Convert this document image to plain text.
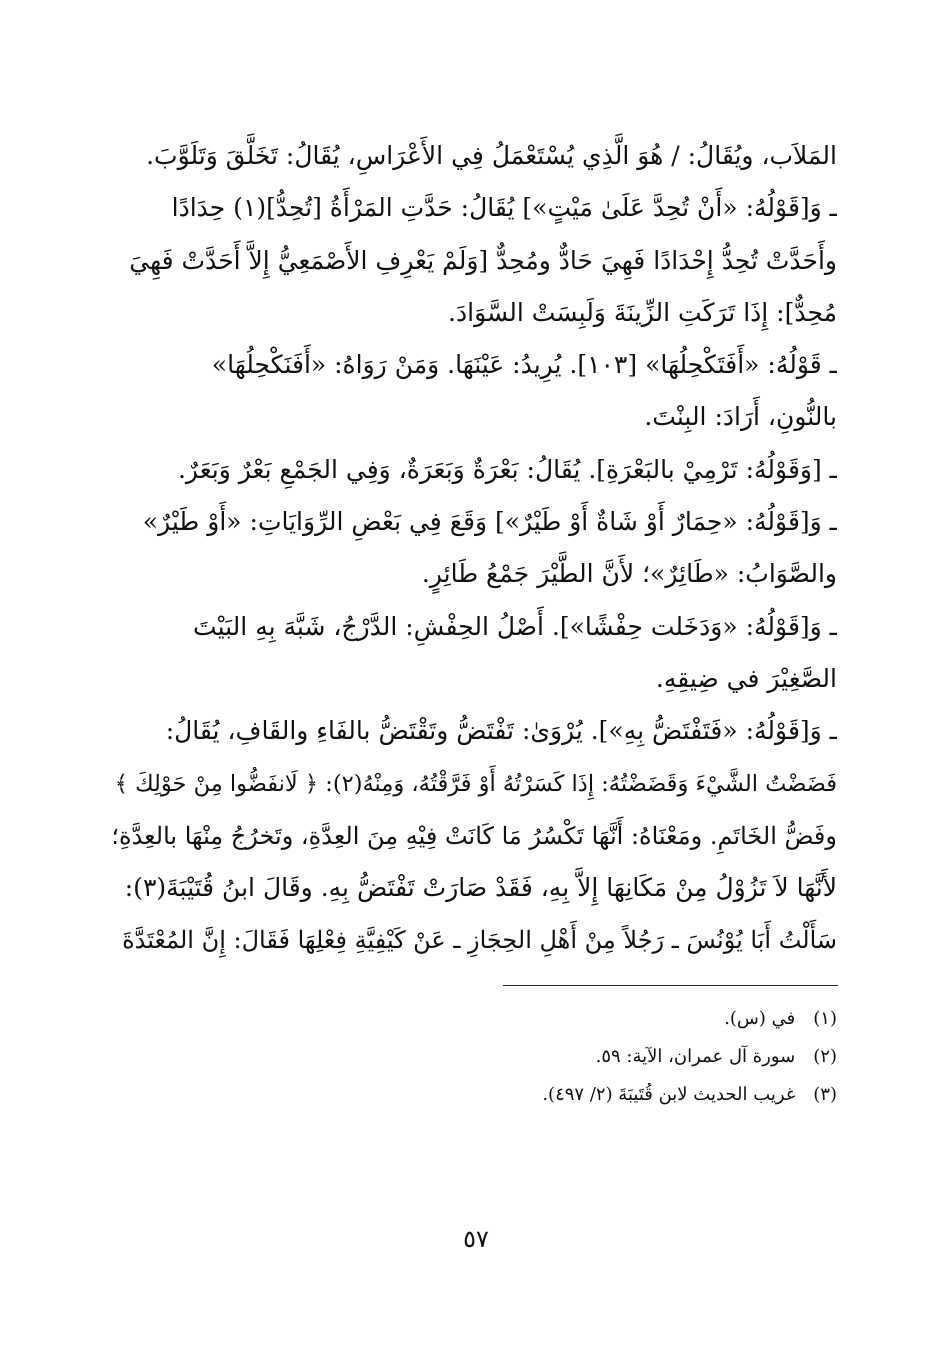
المَلاَب، ويُقَالُ: / هُوَ الَّذِي يُسْتَعْمَلُ فِي الأَعْرَاسِ، يُقَالُ: تَخَلَّقَ وَتَلَوَّبَ.
ـ وَ[قَوْلُهُ: «أَنْ تُحِدَّ عَلَىٰ مَيْتٍ»] يُقَالُ: حَدَّتِ المَرْأَةُ [تُحِدُّ](١) حِدَادًا
وأَحَدَّتْ تُحِدُّ إِحْدَادًا فَهِيَ حَادٌّ ومُحِدٌّ [وَلَمْ يَعْرِفِ الأَصْمَعِيُّ إِلاَّ أَحَدَّتْ فَهِيَ
مُحِدٌّ]: إِذَا تَرَكَتِ الزِّينَةَ وَلَبِسَتْ السَّوَادَ.
ـ قَوْلُهُ: «أَفَتَكْحِلُهَا» [١٠٣]. يُرِيدُ: عَيْنَهَا. وَمَنْ رَوَاهُ: «أَفَنَكْحِلُهَا»
بالنُّونِ، أَرَادَ: البِنْتَ.
ـ [وَقَوْلُهُ: تَرْمِيْ بالبَعْرَةِ]. يُقَالُ: بَعْرَةٌ وَبَعَرَةٌ، وَفِي الجَمْعِ بَعْرٌ وَبَعَرٌ.
ـ وَ[قَوْلُهُ: «حِمَارٌ أَوْ شَاةٌ أَوْ طَيْرٌ»] وَقَعَ فِي بَعْضِ الرِّوَايَاتِ: «أَوْ طَيْرٌ»
والصَّوَابُ: «طَائِرٌ»؛ لأَنَّ الطَّيْرَ جَمْعُ طَائِرٍ.
ـ وَ[قَوْلُهُ: «وَدَخَلت حِفْشًا»]. أَصْلُ الحِفْشِ: الدَّرْجُ، شَبَّهَ بِهِ البَيْتَ
الصَّغِيْرَ في ضِيقِهِ.
ـ وَ[قَوْلُهُ: «فَتَفْتَضُّ بِهِ»]. يُرْوَىٰ: تَفْتَضُّ وتَقْتَضُّ بالفَاءِ والقَافِ، يُقَالُ:
فَضَضْتُ الشَّيْءَ وَقَضَضْتُهُ: إِذَا كَسَرْتُهُ أَوْ فَرَّقْتُهُ، وَمِنْهُ(٢): ﴿ لَانفَضُّوا مِنْ حَوْلِكَ ﴾
وفَضُّ الخَاتَمِ. ومَعْنَاهُ: أَنَّهَا تَكْسُرُ مَا كَانَتْ فِيْهِ مِنَ العِدَّةِ، وتَخرُجُ مِنْهَا بالعِدَّةِ؛
لأَنَّهَا لاَ تَزُوْلُ مِنْ مَكَانِهَا إِلاَّ بِهِ، فَقَدْ صَارَتْ تَفْتَضُّ بِهِ. وقَالَ ابنُ قُتَيْبَةَ(٣):
سَأَلْتُ أَبَا يُوْنُسَ ـ رَجُلاً مِنْ أَهْلِ الحِجَازِ ـ عَنْ كَيْفِيَّةِ فِعْلِهَا فَقَالَ: إِنَّ المُعْتَدَّةَ
(١)في (س).
(٢)سورة آل عمران، الآية: ٥٩.
(٣)غريب الحديث لابن قُتَيبَةَ (٢/ ٤٩٧).
٥٧
